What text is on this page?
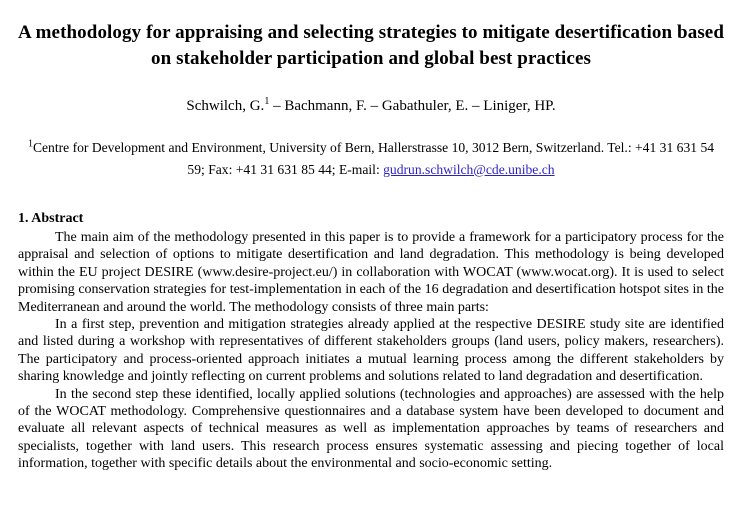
A methodology for appraising and selecting strategies to mitigate desertification based on stakeholder participation and global best practices

Schwilch, G.$^1$ – Bachmann, F. – Gabathuler, E. – Liniger, HP.

$^1$Centre for Development and Environment, University of Bern, Hallerstrasse 10, 3012 Bern, Switzerland. Tel.: +41 31 631 54 59; Fax: +41 31 631 85 44; E-mail: gudrun.schwilch@cde.unibe.ch

1. Abstract

The main aim of the methodology presented in this paper is to provide a framework for a participatory process for the appraisal and selection of options to mitigate desertification and land degradation. This methodology is being developed within the EU project DESIRE (www.desire-project.eu/) in collaboration with WOCAT (www.wocat.org). It is used to select promising conservation strategies for test-implementation in each of the 16 degradation and desertification hotspot sites in the Mediterranean and around the world. The methodology consists of three main parts:

In a first step, prevention and mitigation strategies already applied at the respective DESIRE study site are identified and listed during a workshop with representatives of different stakeholders groups (land users, policy makers, researchers). The participatory and process-oriented approach initiates a mutual learning process among the different stakeholders by sharing knowledge and jointly reflecting on current problems and solutions related to land degradation and desertification.

In the second step these identified, locally applied solutions (technologies and approaches) are assessed with the help of the WOCAT methodology. Comprehensive questionnaires and a database system have been developed to document and evaluate all relevant aspects of technical measures as well as implementation approaches by teams of researchers and specialists, together with land users. This research process ensures systematic assessing and piecing together of local information, together with specific details about the environmental and socio-economic setting.
